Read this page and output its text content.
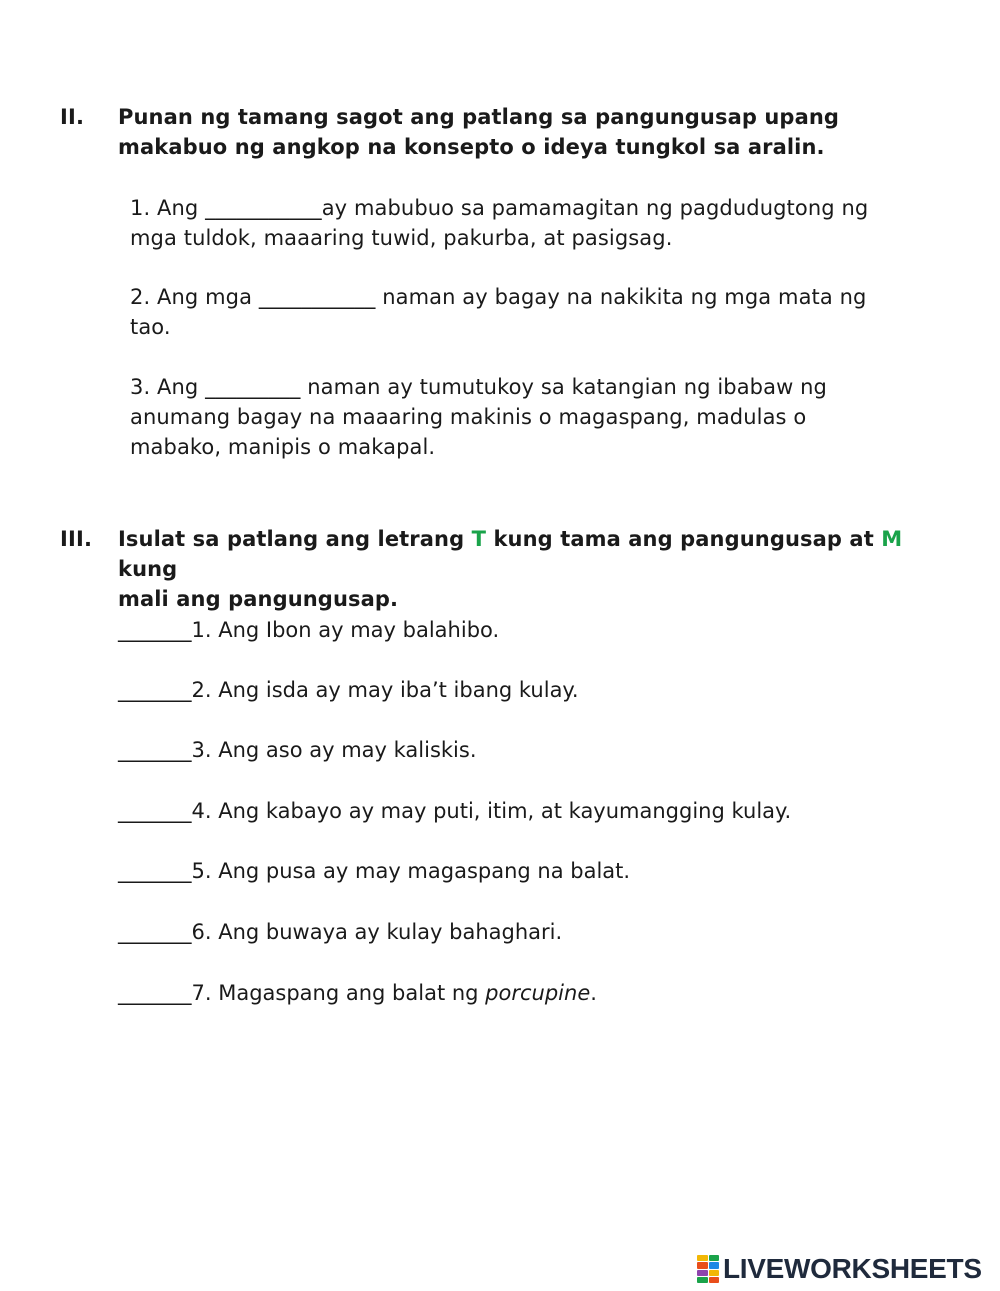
II. Punan ng tamang sagot ang patlang sa pangungusap upang makabuo ng angkop na konsepto o ideya tungkol sa aralin.
1. Ang ___________ay mabubuo sa pamamagitan ng pagdudugtong ng
mga tuldok, maaaring tuwid, pakurba, at pasigsag.
2. Ang mga ___________ naman ay bagay na nakikita ng mga mata ng
tao.
3. Ang _________ naman ay tumutukoy sa katangian ng ibabaw ng
anumang bagay na maaaring makinis o magaspang, madulas o
mabako, manipis o makapal.
III. Isulat sa patlang ang letrang T kung tama ang pangungusap at M kung
mali ang pangungusap.
_______1. Ang Ibon ay may balahibo.
_______2. Ang isda ay may iba’t ibang kulay.
_______3. Ang aso ay may kaliskis.
_______4. Ang kabayo ay may puti, itim, at kayumangging kulay.
_______5. Ang pusa ay may magaspang na balat.
_______6. Ang buwaya ay kulay bahaghari.
_______7. Magaspang ang balat ng porcupine.
LIVEWORKSHEETS
